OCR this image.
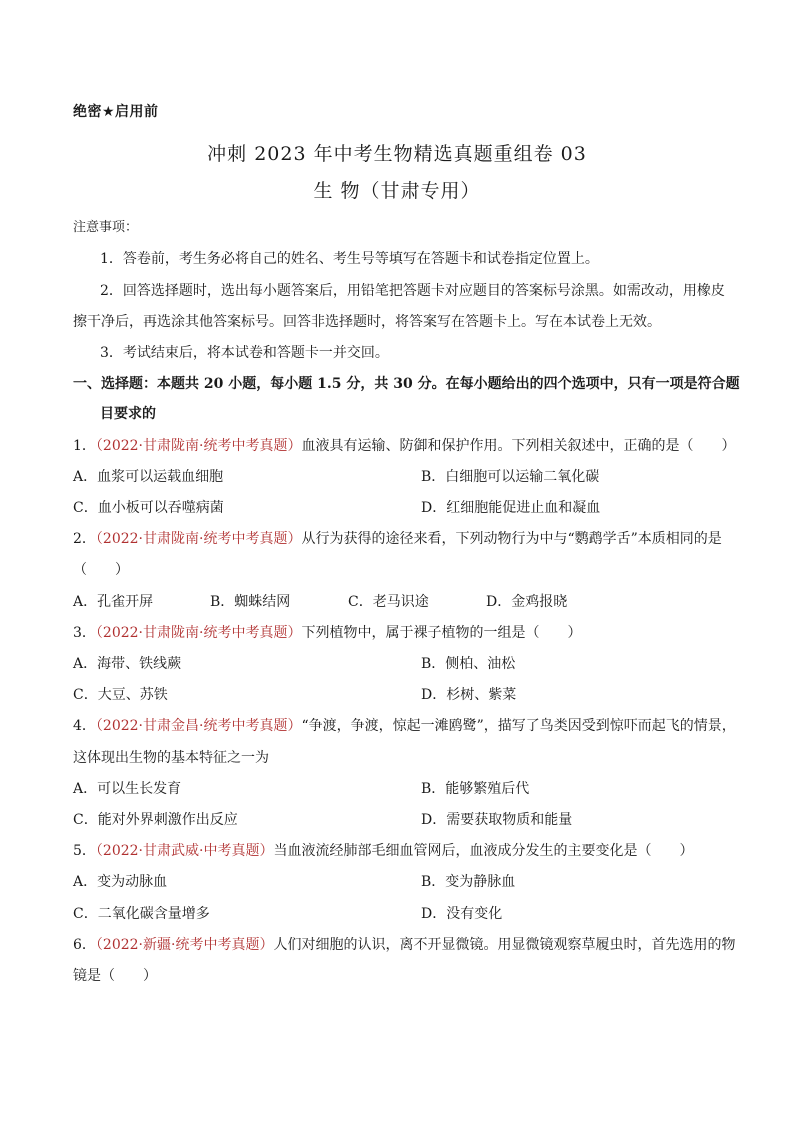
绝密★启用前
冲刺 2023 年中考生物精选真题重组卷 03
生 物（甘肃专用）
注意事项：
1．答卷前，考生务必将自己的姓名、考生号等填写在答题卡和试卷指定位置上。
2．回答选择题时，选出每小题答案后，用铅笔把答题卡对应题目的答案标号涂黑。如需改动，用橡皮
擦干净后，再选涂其他答案标号。回答非选择题时，将答案写在答题卡上。写在本试卷上无效。
3．考试结束后，将本试卷和答题卡一并交回。
一、选择题：本题共 20 小题，每小题 1.5 分，共 30 分。在每小题给出的四个选项中，只有一项是符合题
目要求的
1．（2022·甘肃陇南·统考中考真题）血液具有运输、防御和保护作用。下列相关叙述中，正确的是（　　）
A．血浆可以运载血细胞	B．白细胞可以运输二氧化碳
C．血小板可以吞噬病菌	D．红细胞能促进止血和凝血
2．（2022·甘肃陇南·统考中考真题）从行为获得的途径来看，下列动物行为中与“鹦鹉学舌”本质相同的是
（　　）
A．孔雀开屏	B．蜘蛛结网	C．老马识途	D．金鸡报晓
3．（2022·甘肃陇南·统考中考真题）下列植物中，属于裸子植物的一组是（　　）
A．海带、铁线蕨	B．侧柏、油松
C．大豆、苏铁	D．杉树、紫菜
4．（2022·甘肃金昌·统考中考真题）“争渡，争渡，惊起一滩鸥鹭”，描写了鸟类因受到惊吓而起飞的情景，
这体现出生物的基本特征之一为
A．可以生长发育	B．能够繁殖后代
C．能对外界刺激作出反应	D．需要获取物质和能量
5．（2022·甘肃武威·中考真题）当血液流经肺部毛细血管网后，血液成分发生的主要变化是（　　）
A．变为动脉血	B．变为静脉血
C．二氧化碳含量增多	D．没有变化
6．（2022·新疆·统考中考真题）人们对细胞的认识，离不开显微镜。用显微镜观察草履虫时，首先选用的物
镜是（　　）
